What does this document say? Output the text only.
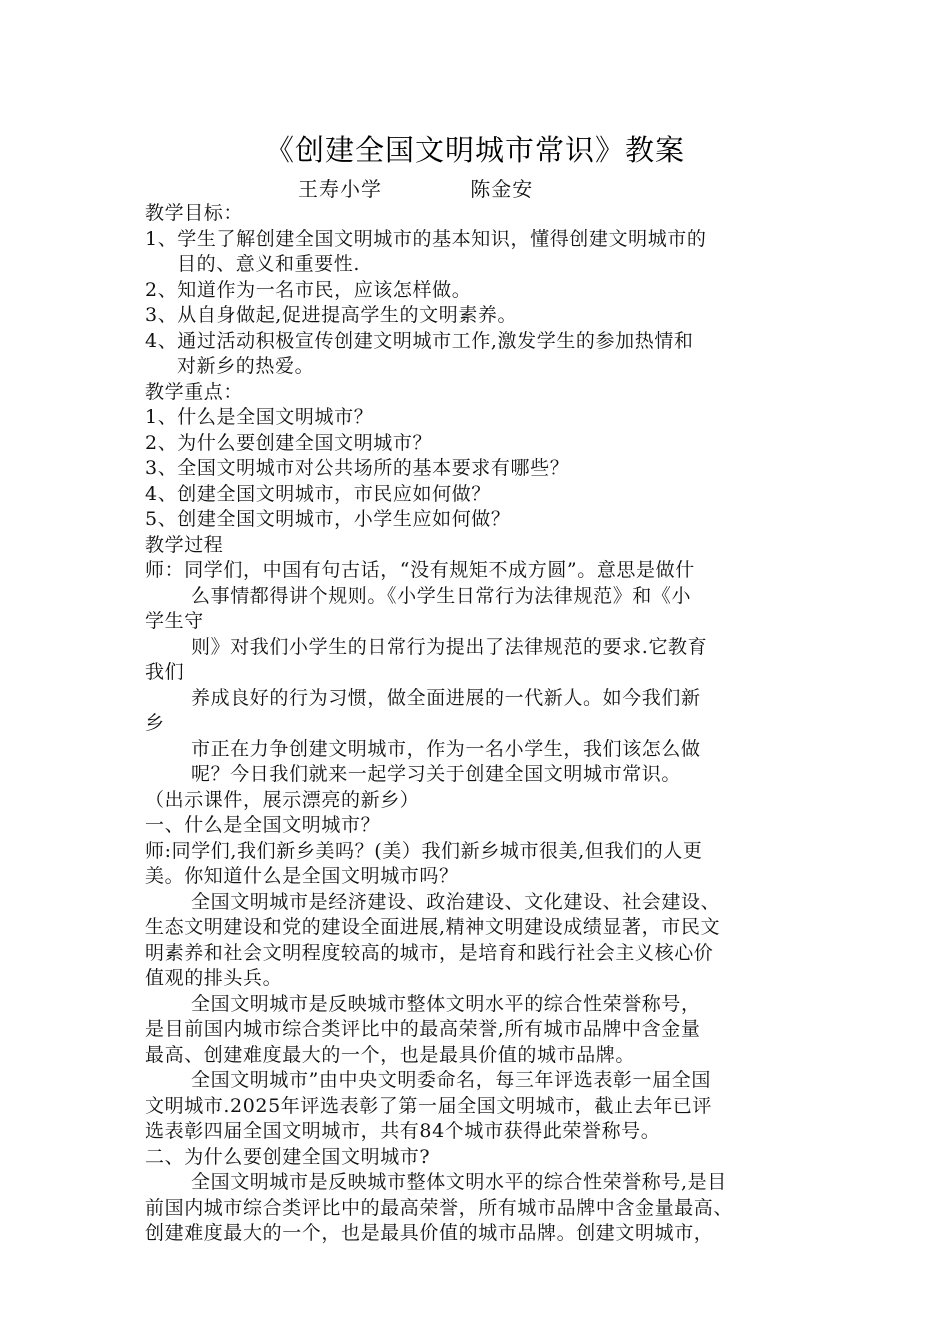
《创建全国文明城市常识》教案
王寿小学            陈金安
教学目标：
1、学生了解创建全国文明城市的基本知识，懂得创建文明城市的
目的、意义和重要性.
2、知道作为一名市民，应该怎样做。
3、从自身做起,促进提高学生的文明素养。
4、通过活动积极宣传创建文明城市工作,激发学生的参加热情和
对新乡的热爱。
教学重点：
1、什么是全国文明城市？
2、为什么要创建全国文明城市？
3、全国文明城市对公共场所的基本要求有哪些？
4、创建全国文明城市，市民应如何做？
5、创建全国文明城市，小学生应如何做？
教学过程
师：同学们，中国有句古话，“没有规矩不成方圆”。意思是做什
么事情都得讲个规则。《小学生日常行为法律规范》和《小
学生守
则》对我们小学生的日常行为提出了法律规范的要求.它教育
我们
养成良好的行为习惯，做全面进展的一代新人。如今我们新
乡
市正在力争创建文明城市，作为一名小学生，我们该怎么做
呢？今日我们就来一起学习关于创建全国文明城市常识。
（出示课件，展示漂亮的新乡）
一、什么是全国文明城市？
师:同学们,我们新乡美吗？(美）我们新乡城市很美,但我们的人更
美。你知道什么是全国文明城市吗？
全国文明城市是经济建设、政治建设、文化建设、社会建设、
生态文明建设和党的建设全面进展,精神文明建设成绩显著，市民文
明素养和社会文明程度较高的城市，是培育和践行社会主义核心价
值观的排头兵。
全国文明城市是反映城市整体文明水平的综合性荣誉称号，
是目前国内城市综合类评比中的最高荣誉,所有城市品牌中含金量
最高、创建难度最大的一个，也是最具价值的城市品牌。
全国文明城市”由中央文明委命名，每三年评选表彰一届全国
文明城市.2025年评选表彰了第一届全国文明城市，截止去年已评
选表彰四届全国文明城市，共有84个城市获得此荣誉称号。
二、为什么要创建全国文明城市?
全国文明城市是反映城市整体文明水平的综合性荣誉称号,是目
前国内城市综合类评比中的最高荣誉，所有城市品牌中含金量最高、
创建难度最大的一个，也是最具价值的城市品牌。创建文明城市，
